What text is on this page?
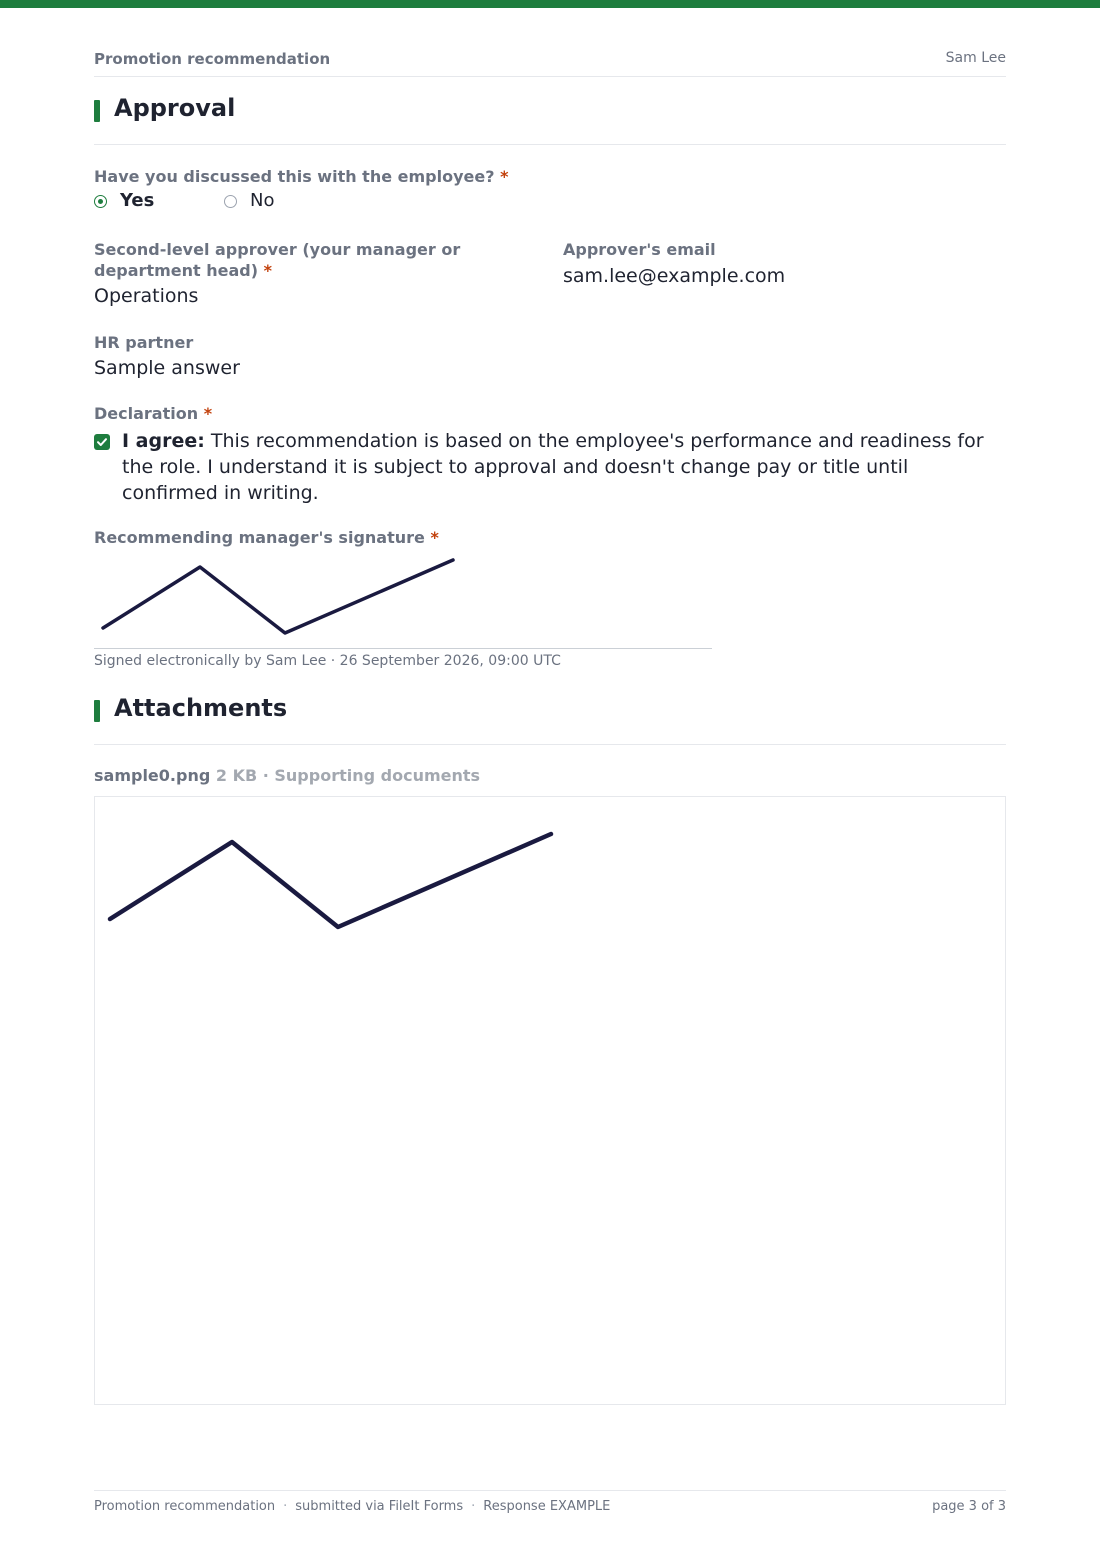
Promotion recommendation	Sam Lee
Approval
Have you discussed this with the employee? *
Yes	No
Second-level approver (your manager or department head) *
Operations
Approver's email
sam.lee@example.com
HR partner
Sample answer
Declaration *
I agree: This recommendation is based on the employee's performance and readiness for the role. I understand it is subject to approval and doesn't change pay or title until confirmed in writing.
Recommending manager's signature *
Signed electronically by Sam Lee · 26 September 2026, 09:00 UTC
Attachments
sample0.png 2 KB · Supporting documents
Promotion recommendation · submitted via FileIt Forms · Response EXAMPLE	page 3 of 3
